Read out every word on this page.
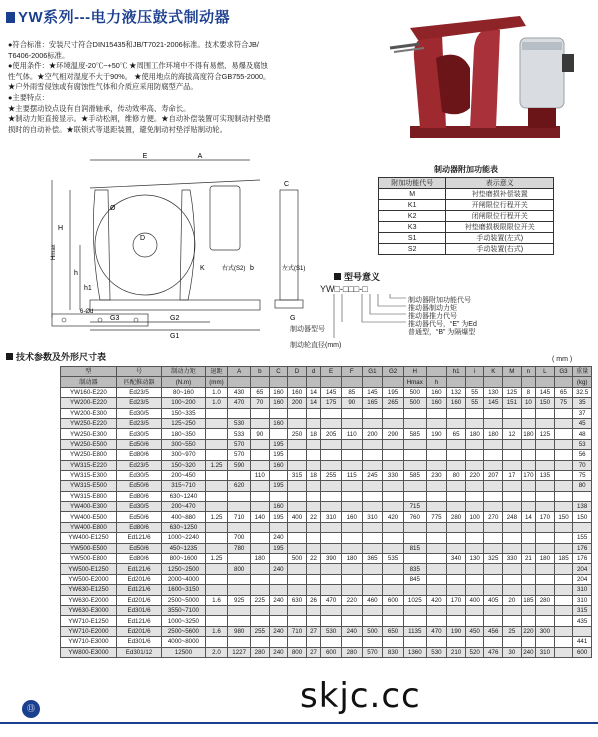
YW系列---电力液压鼓式制动器

●符合标准：安装尺寸符合DIN15435和JB/T7021-2006标准。技术要求符合JB/

T6406-2006标准。

●使用条件：★环境温度-20℃~+50℃ ★周围工作环境中不得有易燃、易爆及腐蚀

性气体。★空气相对湿度不大于90%。 ★使用地点的海拔高度符合GB755-2000。

★户外雨雪侵蚀或有腐蚀性气体和介质应采用防腐型产品。

●主要特点：

★主要摆动铰点设有自润滑轴承，传动效率高、寿命长。

★制动力矩直接显示。★手动松闸，维修方便。★自动补偿装置可实现制动衬垫磨

损时的自动补偿。★联锁式等退距装置，避免制动衬垫浮贴制动轮。

E	A
H
Hmax
h
D
h1
G3	G2
G1
Ø
K	b
C
G
右式(S2)	左式(S1)
6-Ød
制动器附加功能表
附加功能代号	表示意义
M	衬垫磨损补偿装置
K1	开闸限位行程开关
K2	闭闸限位行程开关
K3	衬垫磨损极限限位开关
S1	手动装置(左式)
S2	手动装置(右式)
型号意义
YW□-□□□-□
制动器附加功能代号
推动器制动力矩
推动器推力代号
推动器代号，“E” 为Ed
普通型，“B” 为隔爆型
制动器型号
制动轮直径(mm)
技术参数及外形尺寸表	( mm )
型	号	制动力矩	退距	A	b	C	D	d	E	F	G1	G2	H		h1	i	K	M	n	L	G3	重量
制动器	匹配推动器	(N.m)	(mm)										Hmax	h								(kg)
YW160-E220	Ed23/5	80~160	1.0	430	65	160	160	14	145	85	145	195	500	160	132	55	130	125	8	145	65	32.5
YW200-E220	Ed23/5	100~200	1.0	470	70	160	200	14	175	90	165	265	500	160	160	55	145	151	10	150	75	35
YW200-E300	Ed30/5	150~335																				37
YW250-E220	Ed23/5	125~250		530		160																45
YW250-E300	Ed30/5	180~350		533	90		250	18	205	110	200	290	585	190	65	180	180	12	180	125		48
YW250-E500	Ed50/6	300~550		570		195																53
YW250-E800	Ed80/6	300~970		570		195																56
YW315-E220	Ed23/5	150~320	1.25	590		160																70
YW315-E300	Ed30/5	200~450			110		315	18	255	115	245	330	585	230	80	220	207	17	170	135		75
YW315-E500	Ed50/6	315~710		620		195																80
YW315-E800	Ed80/6	630~1240																				
YW400-E300	Ed30/5	200~470				160							715									138
YW400-E500	Ed50/6	400~880	1.25	710	140	195	400	22	310	160	310	420	760	775	280	100	270	248	14	170	150	150
YW400-E800	Ed80/6	630~1250																				
YW400-E1250	Ed121/6	1000~2240		700		240																155
YW500-E500	Ed50/6	450~1235		780		195							815									176
YW500-E800	Ed80/6	800~1600	1.25		180		500	22	390	180	365	535			340	130	325	330	21	180	185	176
YW500-E1250	Ed121/6	1250~2500		800		240							835									204
YW500-E2000	Ed201/6	2000~4000											845									204
YW630-E1250	Ed121/6	1600~3150																				310
YW630-E2000	Ed201/6	2500~5000	1.6	925	225	240	630	26	470	220	460	600	1025	420	170	400	405	20	185	280		310
YW630-E3000	Ed301/6	3550~7100																				315
YW710-E1250	Ed121/6	1000~3250																				435
YW710-E2000	Ed201/6	2500~5600	1.6	980	255	240	710	27	530	240	500	650	1135	470	190	450	456	25	220	300		
YW710-E3000	Ed301/6	4000~8000																				441
YW800-E3000	Ed301/12	12500	2.0	1227	280	240	800	27	600	280	570	830	1360	530	210	520	476	30	240	310		600
⑬	skjc.cc
